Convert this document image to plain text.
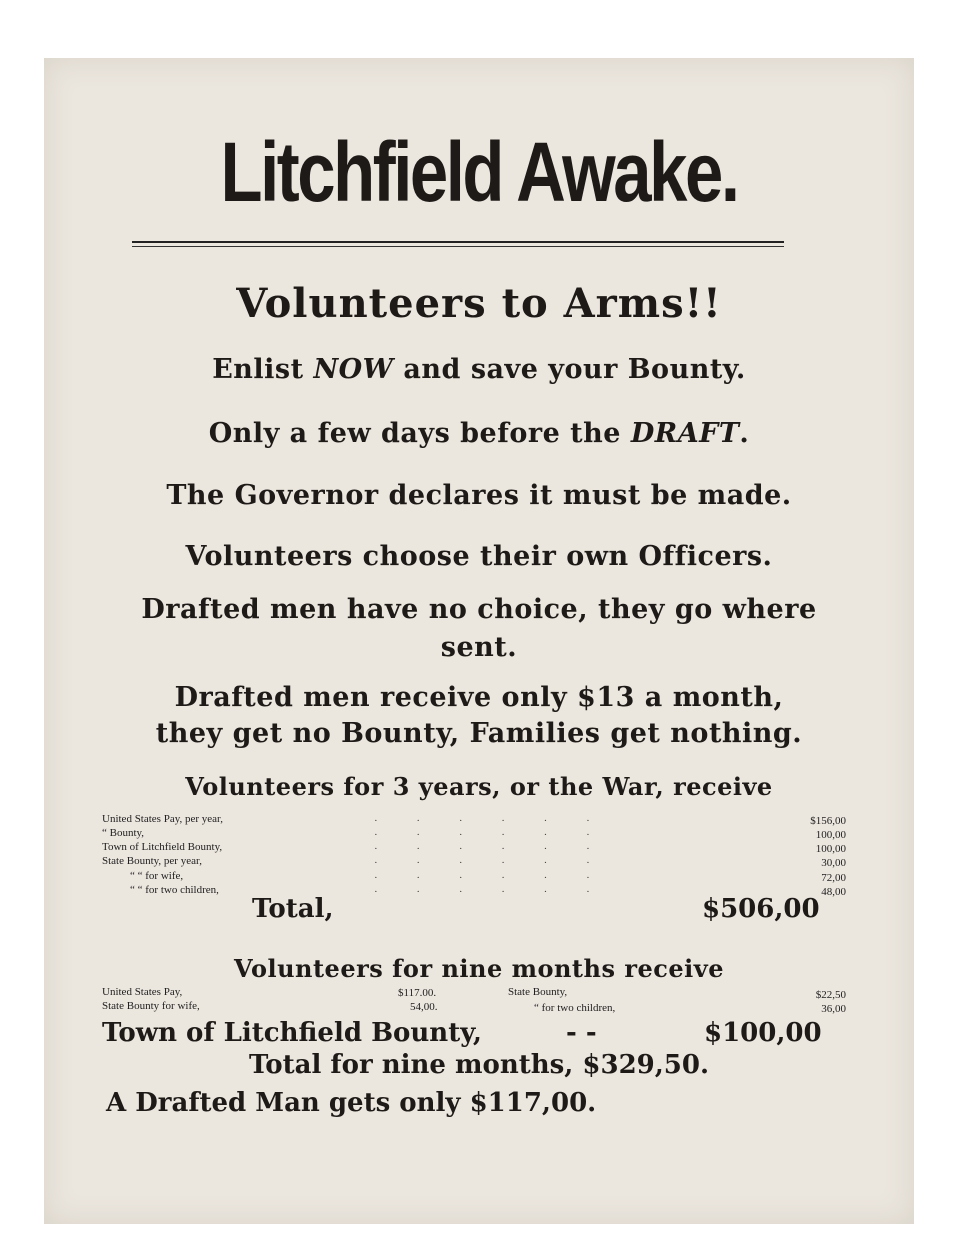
Litchfield Awake.
Volunteers to Arms!!
Enlist NOW and save your Bounty.
Only a few days before the DRAFT.
The Governor declares it must be made.
Volunteers choose their own Officers.
Drafted men have no choice, they go where
sent.
Drafted men receive only $13 a month,
they get no Bounty, Families get nothing.
Volunteers for 3 years, or the War, receive
United States Pay, per year,	$156,00
“ Bounty,	100,00
Town of Litchfield Bounty,	100,00
State Bounty, per year,	30,00
“ “ for wife,	72,00
“ “ for two children,	48,00
· · · · · ·
· · · · · ·
· · · · · ·
· · · · · ·
· · · · · ·
· · · · · ·
Total,	$506,00
Volunteers for nine months receive
United States Pay,	$117.00.	State Bounty,	$22,50
State Bounty for wife,	54,00.	“ for two children,	36,00
Town of Litchfield Bounty,	- -	$100,00
Total for nine months, $329,50.
A Drafted Man gets only $117,00.
